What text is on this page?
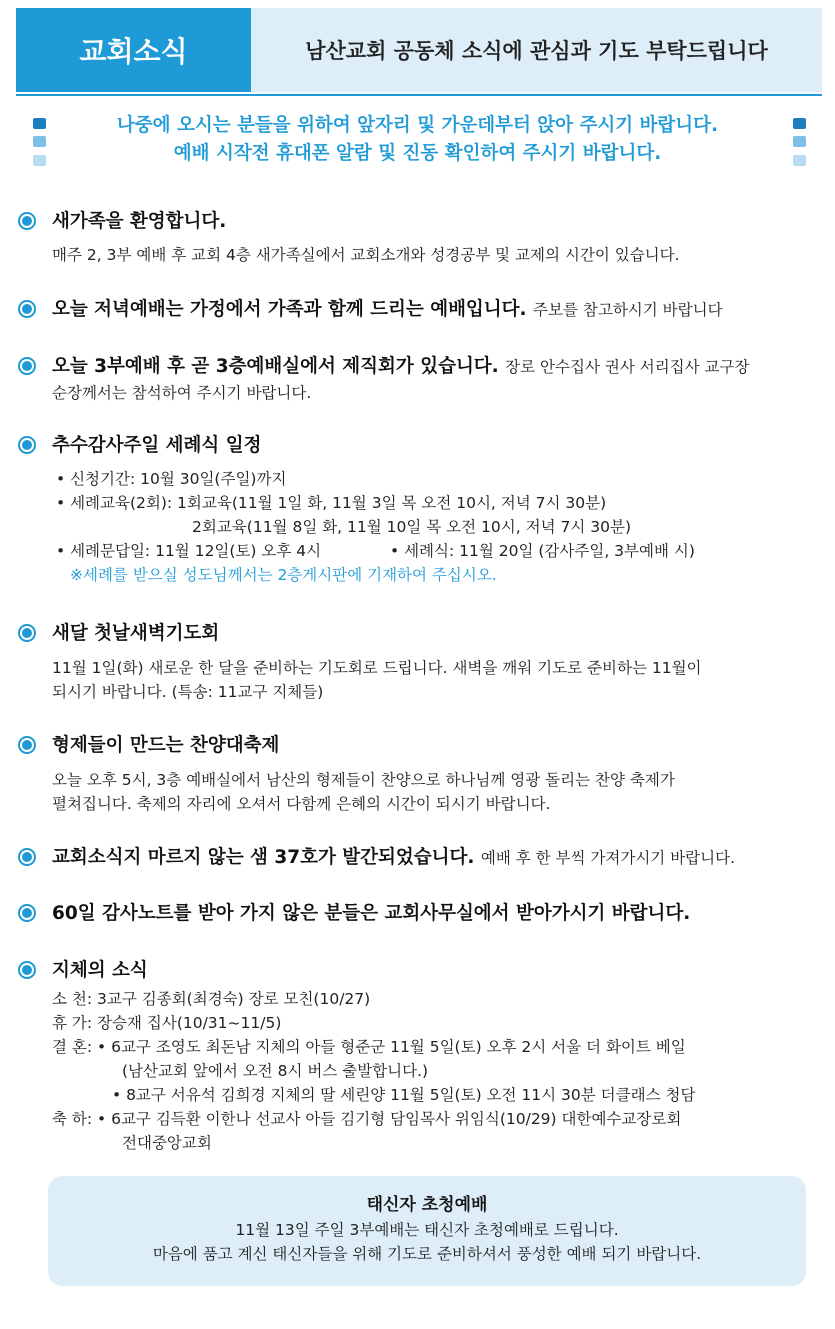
교회소식	남산교회 공동체 소식에 관심과 기도 부탁드립니다
나중에 오시는 분들을 위하여 앞자리 및 가운데부터 앉아 주시기 바랍니다.
예배 시작전 휴대폰 알람 및 진동 확인하여 주시기 바랍니다.
새가족을 환영합니다.
매주 2, 3부 예배 후 교회 4층 새가족실에서 교회소개와 성경공부 및 교제의 시간이 있습니다.
오늘 저녁예배는 가정에서 가족과 함께 드리는 예배입니다. 주보를 참고하시기 바랍니다
오늘 3부예배 후 곧 3층예배실에서 제직회가 있습니다. 장로 안수집사 권사 서리집사 교구장
순장께서는 참석하여 주시기 바랍니다.
추수감사주일 세례식 일정
• 신청기간: 10월 30일(주일)까지
• 세례교육(2회): 1회교육(11월 1일 화, 11월 3일 목 오전 10시, 저녁 7시 30분)
2회교육(11월 8일 화, 11월 10일 목 오전 10시, 저녁 7시 30분)
• 세례문답일: 11월 12일(토) 오후 4시	• 세례식: 11월 20일 (감사주일, 3부예배 시)
※세례를 받으실 성도님께서는 2층게시판에 기재하여 주십시오.
새달 첫날새벽기도회
11월 1일(화) 새로운 한 달을 준비하는 기도회로 드립니다. 새벽을 깨워 기도로 준비하는 11월이
되시기 바랍니다. (특송: 11교구 지체들)
형제들이 만드는 찬양대축제
오늘 오후 5시, 3층 예배실에서 남산의 형제들이 찬양으로 하나님께 영광 돌리는 찬양 축제가
펼쳐집니다. 축제의 자리에 오셔서 다함께 은혜의 시간이 되시기 바랍니다.
교회소식지 마르지 않는 샘 37호가 발간되었습니다. 예배 후 한 부씩 가져가시기 바랍니다.
60일 감사노트를 받아 가지 않은 분들은 교회사무실에서 받아가시기 바랍니다.
지체의 소식
소 천: 3교구 김종회(최경숙) 장로 모친(10/27)
휴 가: 장승재 집사(10/31~11/5)
결 혼: • 6교구 조영도 최돈남 지체의 아들 형준군 11월 5일(토) 오후 2시 서울 더 화이트 베일
(남산교회 앞에서 오전 8시 버스 출발합니다.)
• 8교구 서유석 김희경 지체의 딸 세린양 11월 5일(토) 오전 11시 30분 더클래스 청담
축 하: • 6교구 김득환 이한나 선교사 아들 김기형 담임목사 위임식(10/29) 대한예수교장로회
전대중앙교회
태신자 초청예배
11월 13일 주일 3부예배는 태신자 초청예배로 드립니다.
마음에 품고 계신 태신자들을 위해 기도로 준비하셔서 풍성한 예배 되기 바랍니다.
